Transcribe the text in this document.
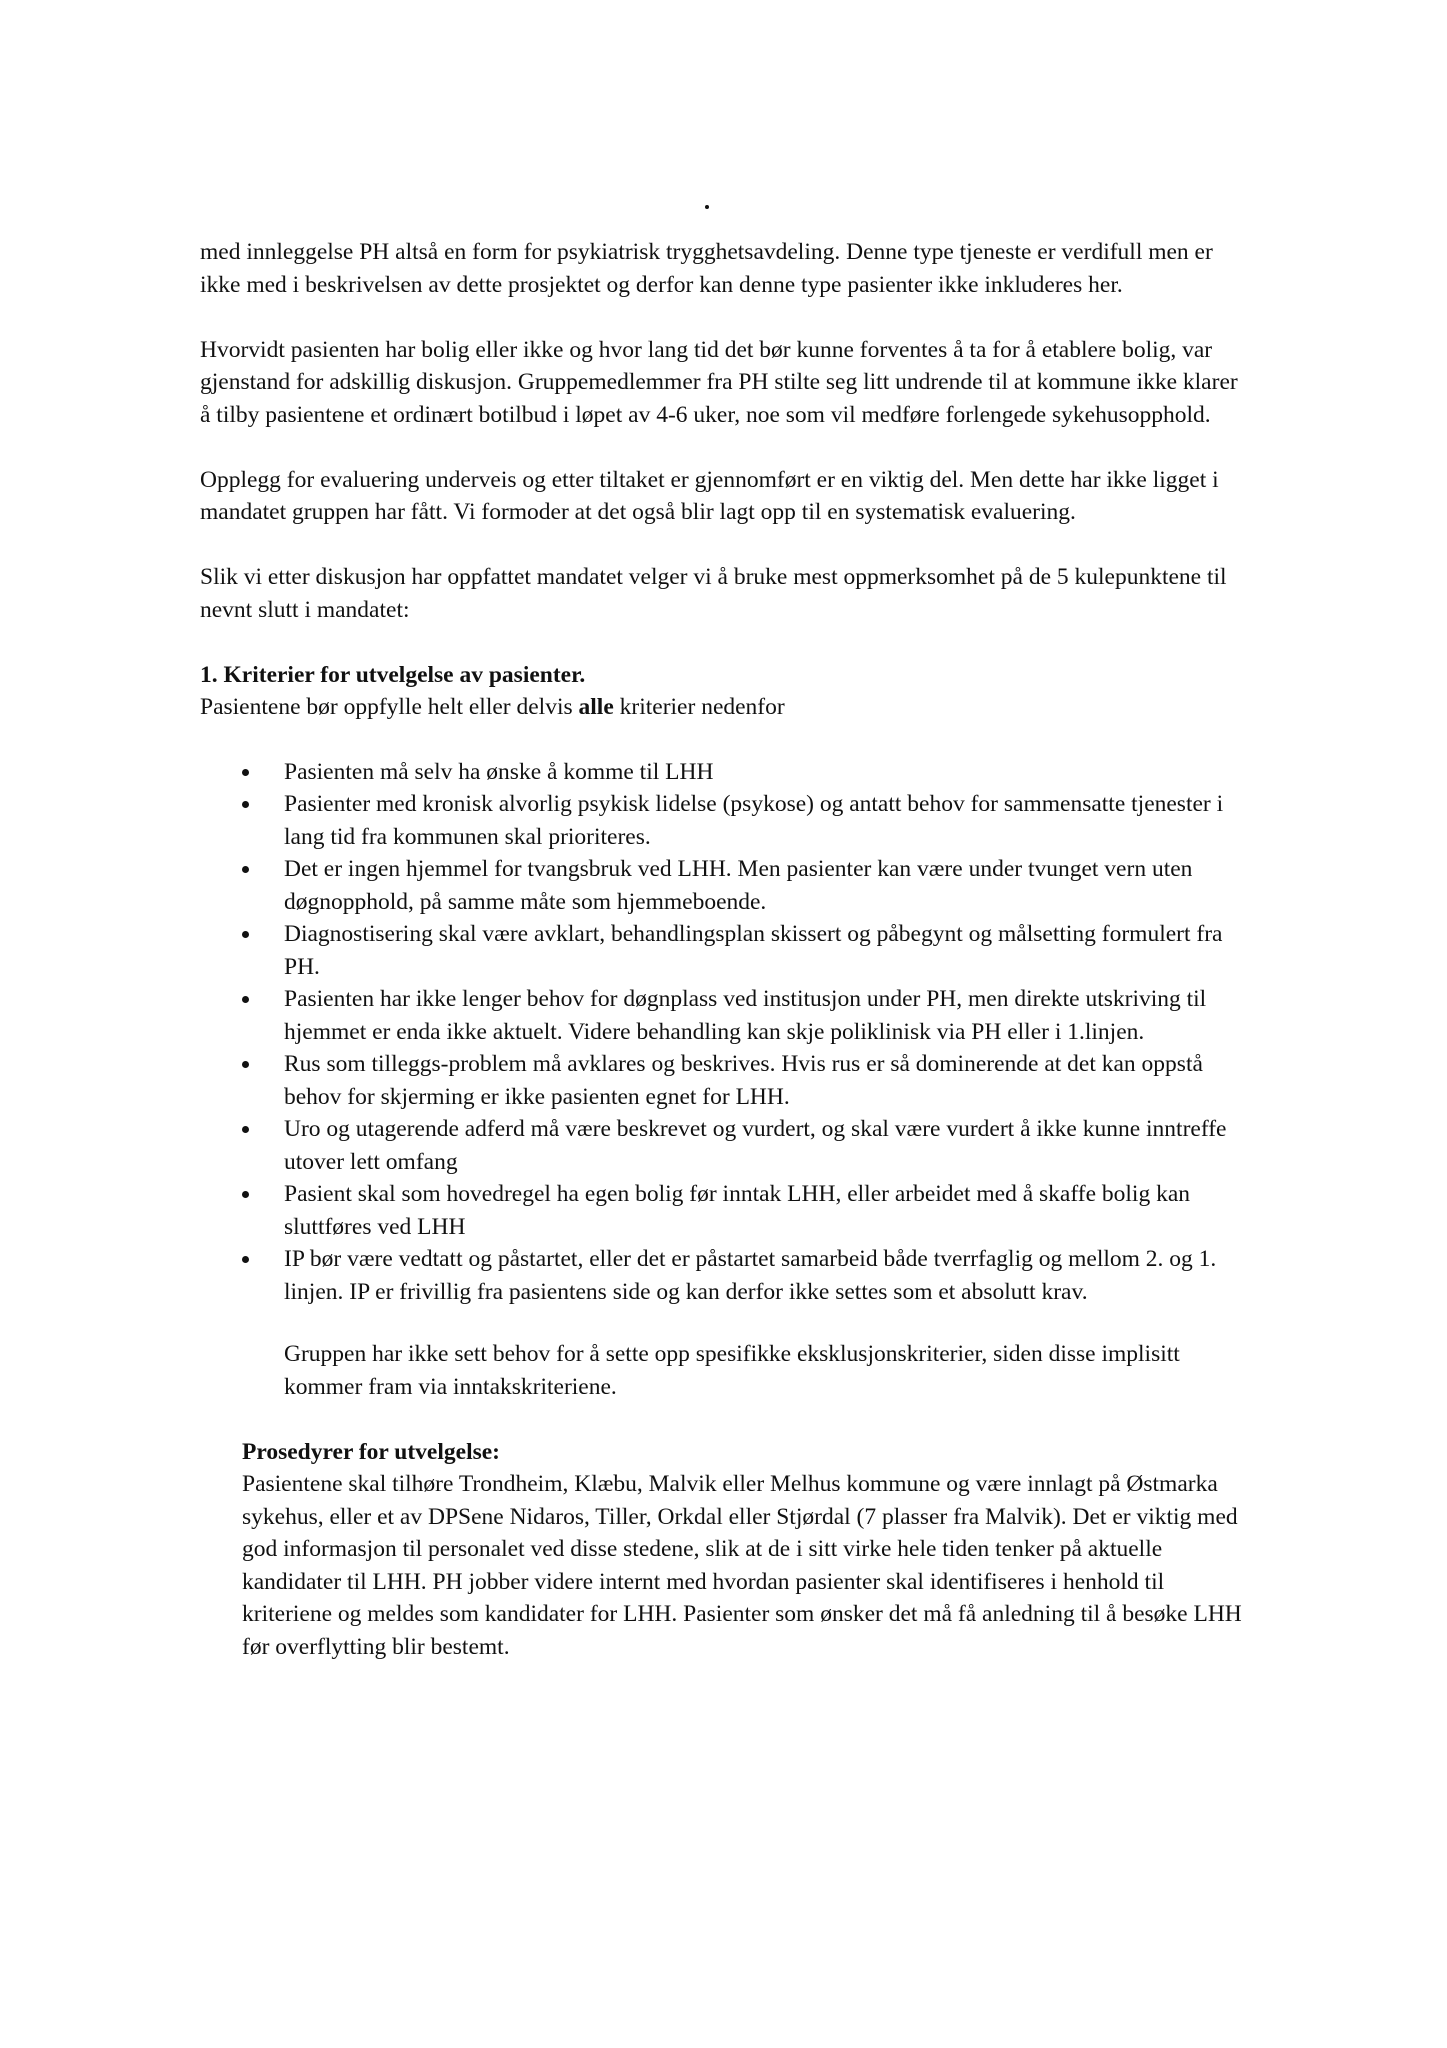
med innleggelse PH altså en form for psykiatrisk trygghetsavdeling. Denne type tjeneste er verdifull men er ikke med i beskrivelsen av dette prosjektet og derfor kan denne type pasienter ikke inkluderes her.

Hvorvidt pasienten har bolig eller ikke og hvor lang tid det bør kunne forventes å ta for å etablere bolig, var gjenstand for adskillig diskusjon. Gruppemedlemmer fra PH stilte seg litt undrende til at kommune ikke klarer å tilby pasientene et ordinært botilbud i løpet av 4-6 uker, noe som vil medføre forlengede sykehusopphold.

Opplegg for evaluering underveis og etter tiltaket er gjennomført er en viktig del. Men dette har ikke ligget i mandatet gruppen har fått. Vi formoder at det også blir lagt opp til en systematisk evaluering.

Slik vi etter diskusjon har oppfattet mandatet velger vi å bruke mest oppmerksomhet på de 5 kulepunktene til nevnt slutt i mandatet:

1. Kriterier for utvelgelse av pasienter.

Pasientene bør oppfylle helt eller delvis alle kriterier nedenfor

Pasienten må selv ha ønske å komme til LHH
Pasienter med kronisk alvorlig psykisk lidelse (psykose) og antatt behov for sammensatte tjenester i lang tid fra kommunen skal prioriteres.
Det er ingen hjemmel for tvangsbruk ved LHH. Men pasienter kan være under tvunget vern uten døgnopphold, på samme måte som hjemmeboende.
Diagnostisering skal være avklart, behandlingsplan skissert og påbegynt og målsetting formulert fra PH.
Pasienten har ikke lenger behov for døgnplass ved institusjon under PH, men direkte utskriving til hjemmet er enda ikke aktuelt. Videre behandling kan skje poliklinisk via PH eller i 1.linjen.
Rus som tilleggs-problem må avklares og beskrives. Hvis rus er så dominerende at det kan oppstå behov for skjerming er ikke pasienten egnet for LHH.
Uro og utagerende adferd må være beskrevet og vurdert, og skal være vurdert å ikke kunne inntreffe utover lett omfang
Pasient skal som hovedregel ha egen bolig før inntak LHH, eller arbeidet med å skaffe bolig kan sluttføres ved LHH
IP bør være vedtatt og påstartet, eller det er påstartet samarbeid både tverrfaglig og mellom 2. og 1. linjen. IP er frivillig fra pasientens side og kan derfor ikke settes som et absolutt krav.

Gruppen har ikke sett behov for å sette opp spesifikke eksklusjonskriterier, siden disse implisitt kommer fram via inntakskriteriene.

Prosedyrer for utvelgelse:

Pasientene skal tilhøre Trondheim, Klæbu, Malvik eller Melhus kommune og være innlagt på Østmarka sykehus, eller et av DPSene Nidaros, Tiller, Orkdal eller Stjørdal (7 plasser fra Malvik). Det er viktig med god informasjon til personalet ved disse stedene, slik at de i sitt virke hele tiden tenker på aktuelle kandidater til LHH. PH jobber videre internt med hvordan pasienter skal identifiseres i henhold til kriteriene og meldes som kandidater for LHH. Pasienter som ønsker det må få anledning til å besøke LHH før overflytting blir bestemt.
